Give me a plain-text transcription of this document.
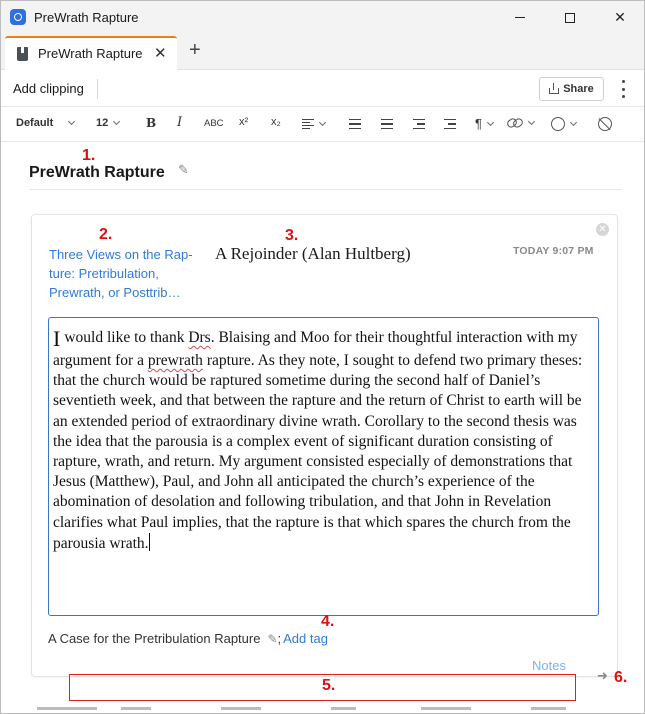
PreWrath Rapture	✕
PreWrath Rapture ✕ +
Add clipping	Share
Default	12	B I ABC x² x₂	¶
PreWrath Rapture ✎
✕
Three Views on the Rap-
ture: Pretribulation,
Prewrath, or Posttrib…
A Rejoinder (Alan Hultberg)	TODAY 9:07 PM
I would like to thank Drs. Blaising and Moo for their thoughtful interaction with my argument for a prewrath rapture. As they note, I sought to defend two primary theses: that the church would be raptured sometime during the second half of Daniel’s seventieth week, and that between the rapture and the return of Christ to earth will be an extended period of extraordinary divine wrath. Corollary to the second thesis was the idea that the parousia is a complex event of significant duration consisting of rapture, wrath, and return. My argument consisted especially of demonstrations that Jesus (Matthew), Paul, and John all anticipated the church’s experience of the abomination of desolation and following tribulation, and that John in Revelation clarifies what Paul implies, that the rapture is that which spares the church from the parousia wrath.
A Case for the Pretribulation Rapture ✎ ; Add tag
Notes
➜
1.
2.	3.
4.
5.	6.
